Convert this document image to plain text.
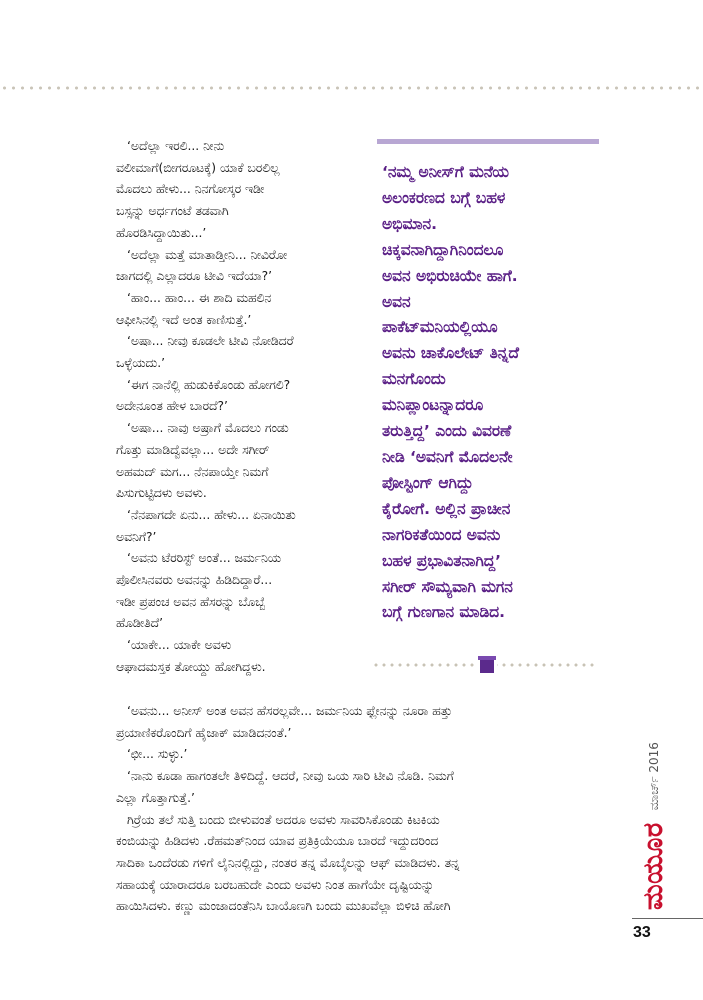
‘ಅದೆಲ್ಲಾ ಇರಲಿ... ನೀನು

ವಲೀಮಾಗೆ(ಬೀಗರೂಟಕ್ಕೆ) ಯಾಕೆ ಬರಲಿಲ್ಲ

ಮೊದಲು ಹೇಳು... ನಿನಗೋಸ್ಕರ ಇಡೀ

ಬಸ್ಸನ್ನು ಅರ್ಧಗಂಟೆ ತಡವಾಗಿ

ಹೊರಡಿಸಿದ್ದಾಯಿತು...’

‘ಅದೆಲ್ಲಾ ಮತ್ತೆ ಮಾತಾಡ್ತೀನಿ... ನೀವಿರೋ

ಜಾಗದಲ್ಲಿ ಎಲ್ಲಾದರೂ ಟೀವಿ ಇದೆಯಾ?’

‘ಹಾಂ... ಹಾಂ... ಈ ಶಾದಿ ಮಹಲಿನ

ಆಫೀಸಿನಲ್ಲಿ ಇದೆ ಅಂತ ಕಾಣಿಸುತ್ತೆ.’

‘ಅಷಾ... ನೀವು ಕೂಡಲೇ ಟೀವಿ ನೋಡಿದರೆ

ಒಳ್ಳೆಯದು.’

‘ಈಗ ನಾನೆಲ್ಲಿ ಹುಡುಕಿಕೊಂಡು ಹೋಗಲಿ?

ಅದೇನೂಂತ ಹೇಳ ಬಾರದೆ?’

‘ಅಷಾ... ನಾವು ಅಷ್ರಾಗೆ ಮೊದಲು ಗಂಡು

ಗೊತ್ತು ಮಾಡಿದ್ವೆವಲ್ಲಾ... ಅದೇ ಸಗೀರ್

ಅಹಮದ್ ಮಗ... ನೆನಪಾಯ್ತೇ ನಿಮಗೆ

ಪಿಸುಗುಟ್ಟಿದಳು ಅವಳು.

‘ನೆನಪಾಗದೇ ಏನು... ಹೇಳು... ಏನಾಯಿತು

ಅವನಿಗೆ?’

‘ಅವನು ಟೆರರಿಸ್ಟ್ ಅಂತೆ... ಜರ್ಮನಿಯ

ಪೊಲೀಸಿನವರು ಅವನನ್ನು ಹಿಡಿದಿದ್ದಾರೆ...

ಇಡೀ ಪ್ರಪಂಚ ಅವನ ಹೆಸರನ್ನು ಬೊಬ್ಬೆ

ಹೊಡೀತಿದೆ’

‘ಯಾಕೇ... ಯಾಕೇ ಅವಳು

ಆಘಾದಮಸ್ತಕ ತೋಯ್ದು ಹೋಗಿದ್ದಳು.

‘ನಮ್ಮ ಅನೀಸ್‌ಗೆ ಮನೆಯ

ಅಲಂಕರಣದ ಬಗ್ಗೆ ಬಹಳ

ಅಭಿಮಾನ.

ಚಿಕ್ಕವನಾಗಿದ್ದಾಗಿನಿಂದಲೂ

ಅವನ ಅಭಿರುಚಿಯೇ ಹಾಗೆ.

ಅವನ

ಪಾಕೆಟ್‌ಮನಿಯಲ್ಲಿಯೂ

ಅವನು ಚಾಕೊಲೇಟ್ ತಿನ್ನದೆ

ಮನಗೊಂದು

ಮನಿಪ್ಲಾಂಟನ್ನಾದರೂ

ತರುತ್ತಿದ್ದ’ ಎಂದು ವಿವರಣೆ

ನೀಡಿ ‘ಅವನಿಗೆ ಮೊದಲನೇ

ಪೋಸ್ಟಿಂಗ್ ಆಗಿದ್ದು

ಕೈರೋಗೆ. ಅಲ್ಲಿನ ಪ್ರಾಚೀನ

ನಾಗರಿಕತೆಯಿಂದ ಅವನು

ಬಹಳ ಪ್ರಭಾವಿತನಾಗಿದ್ದ’

ಸಗೀರ್ ಸೌಮ್ಯವಾಗಿ ಮಗನ

ಬಗ್ಗೆ ಗುಣಗಾನ ಮಾಡಿದ.

‘ಅವನು... ಅನೀಸ್ ಅಂತ ಅವನ ಹೆಸರಲ್ಲವೇ... ಜರ್ಮನಿಯ ಫ್ಲೇನನ್ನು ನೂರಾ ಹತ್ತು

ಪ್ರಯಾಣಿಕರೊಂದಿಗೆ ಹೈಜಾಕ್ ಮಾಡಿದನಂತೆ.’

‘ಛೀ... ಸುಳ್ಳು.’

‘ನಾನು ಕೂಡಾ ಹಾಗಂತಲೇ ತಿಳಿದಿದ್ದೆ. ಆದರೆ, ನೀವು ಒಯ ಸಾರಿ ಟೀವಿ ನೊಡಿ. ನಿಮಗೆ

ಎಲ್ಲಾ ಗೊತ್ತಾಗುತ್ತೆ.’

ಗಿರ್ರೆಯ ತಲೆ ಸುತ್ತಿ ಬಂದು ಬೀಳುವಂತೆ ಅದರೂ ಅವಳು ಸಾವರಿಸಿಕೊಂಡು ಕಿಟಕಿಯ

ಕಂಬಿಯನ್ನು ಹಿಡಿದಳು .ರೆಹಮತ್‌ನಿಂದ ಯಾವ ಪ್ರತಿಕ್ರಿಯೆಯೂ ಬಾರದೆ ಇದ್ದುದರಿಂದ

ಸಾದಿಕಾ ಒಂದೆರಡು ಗಳಿಗೆ ಲೈನಿನಲ್ಲಿದ್ದು, ನಂತರ ತನ್ನ ಮೊಬೈಲನ್ನು ಆಫ್ ಮಾಡಿದಳು. ತನ್ನ

ಸಹಾಯಕ್ಕೆ ಯಾರಾದರೂ ಬರಬಹುದೇ ಎಂದು ಅವಳು ನಿಂತ ಹಾಗೆಯೇ ದೃಷ್ಟಿಯನ್ನು

ಹಾಯಿಸಿದಳು. ಕಣ್ಣು ಮಂಜಾದಂತೆನಿಸಿ ಬಾಯೊಣಗಿ ಬಂದು ಮುಖವೆಲ್ಲಾ ಬಿಳಿಚಿ ಹೋಗಿ	ಮಯೂರ
ಮಾರ್ಚ್ 2016
33
